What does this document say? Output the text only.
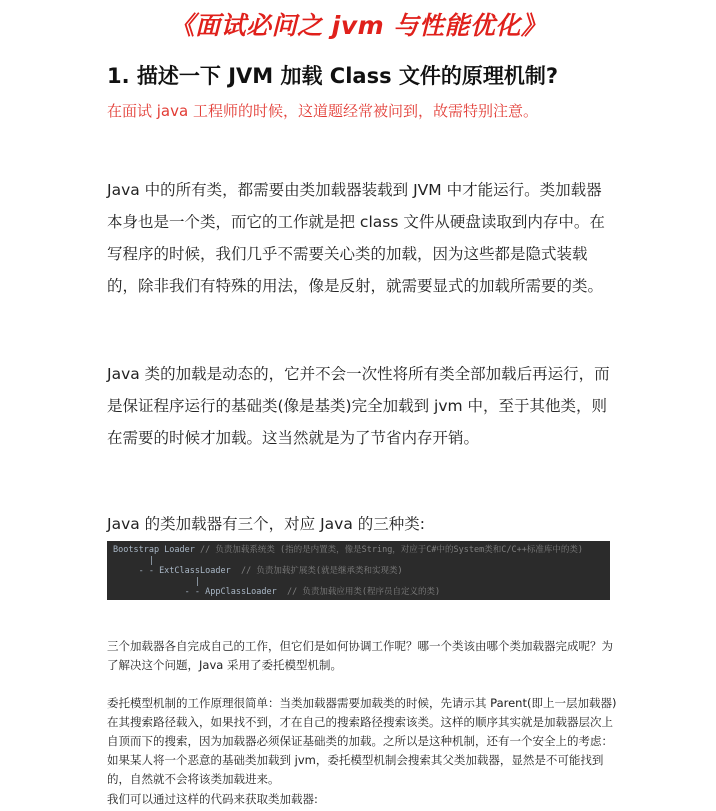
《面试必问之 jvm 与性能优化》
1. 描述一下 JVM 加载 Class 文件的原理机制?
在面试 java 工程师的时候，这道题经常被问到，故需特别注意。

Java 中的所有类，都需要由类加载器装载到 JVM 中才能运行。类加载器本身也是一个类，而它的工作就是把 class 文件从硬盘读取到内存中。在写程序的时候，我们几乎不需要关心类的加载，因为这些都是隐式装载的，除非我们有特殊的用法，像是反射，就需要显式的加载所需要的类。

Java 类的加载是动态的，它并不会一次性将所有类全部加载后再运行，而是保证程序运行的基础类(像是基类)完全加载到 jvm 中，至于其他类，则在需要的时候才加载。这当然就是为了节省内存开销。

Java 的类加载器有三个，对应 Java 的三种类:
Bootstrap Loader // 负责加载系统类 (指的是内置类，像是String，对应于C#中的System类和C/C++标准库中的类)
|
- - ExtClassLoader // 负责加载扩展类(就是继承类和实现类)
|
- - AppClassLoader // 负责加载应用类(程序员自定义的类)

三个加载器各自完成自己的工作，但它们是如何协调工作呢？哪一个类该由哪个类加载器完成呢？为了解决这个问题，Java 采用了委托模型机制。

委托模型机制的工作原理很简单：当类加载器需要加载类的时候，先请示其 Parent(即上一层加载器)在其搜索路径载入，如果找不到，才在自己的搜索路径搜索该类。这样的顺序其实就是加载器层次上自顶而下的搜索，因为加载器必须保证基础类的加载。之所以是这种机制，还有一个安全上的考虑：如果某人将一个恶意的基础类加载到 jvm，委托模型机制会搜索其父类加载器，显然是不可能找到的，自然就不会将该类加载进来。

我们可以通过这样的代码来获取类加载器:
